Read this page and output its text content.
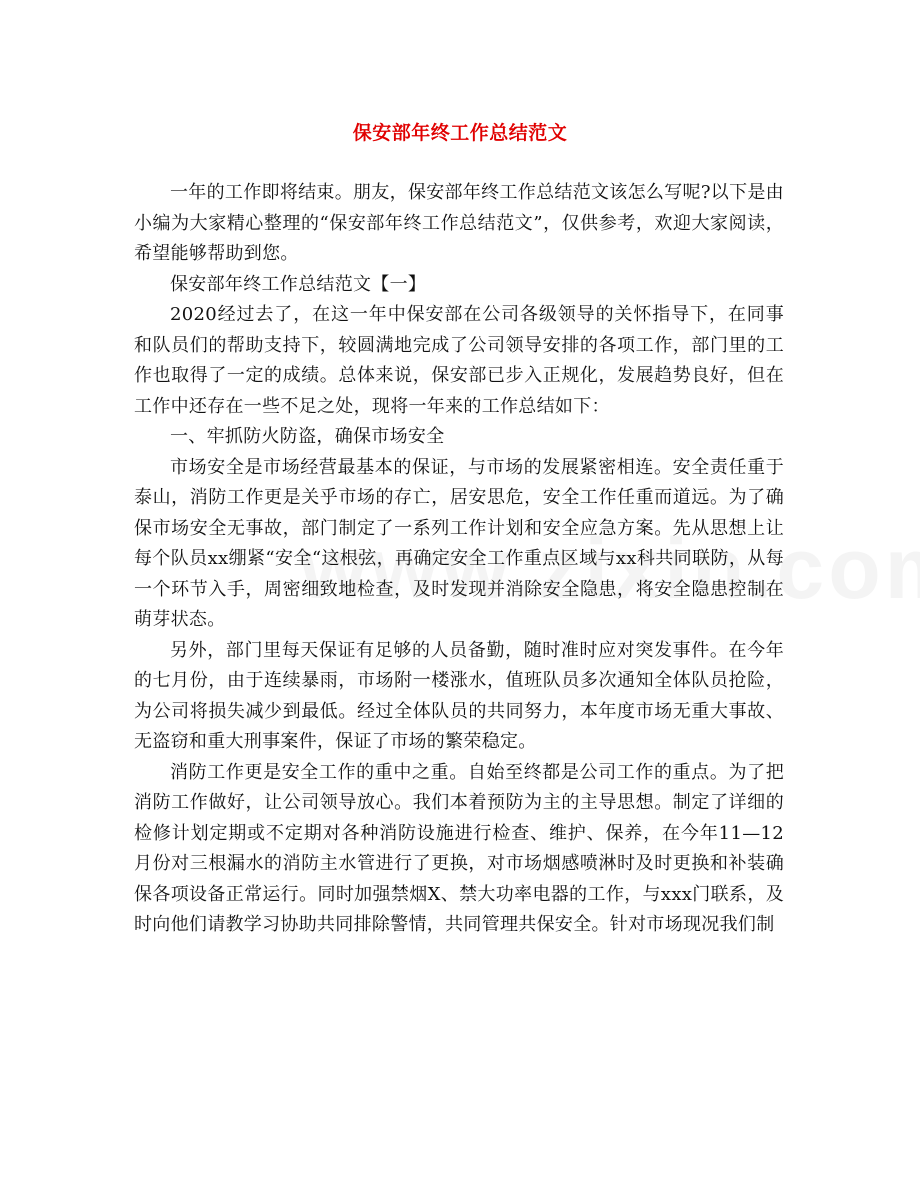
保安部年终工作总结范文

一年的工作即将结束。朋友，保安部年终工作总结范文该怎么写呢?以下是由小编为大家精心整理的“保安部年终工作总结范文”，仅供参考，欢迎大家阅读，希望能够帮助到您。

保安部年终工作总结范文【一】

2020经过去了，在这一年中保安部在公司各级领导的关怀指导下，在同事和队员们的帮助支持下，较圆满地完成了公司领导安排的各项工作，部门里的工作也取得了一定的成绩。总体来说，保安部已步入正规化，发展趋势良好，但在工作中还存在一些不足之处，现将一年来的工作总结如下：

一、牢抓防火防盗，确保市场安全

市场安全是市场经营最基本的保证，与市场的发展紧密相连。安全责任重于泰山，消防工作更是关乎市场的存亡，居安思危，安全工作任重而道远。为了确保市场安全无事故，部门制定了一系列工作计划和安全应急方案。先从思想上让每个队员xx绷紧“安全“这根弦，再确定安全工作重点区域与xx科共同联防，从每一个环节入手，周密细致地检查，及时发现并消除安全隐患，将安全隐患控制在萌芽状态。

另外，部门里每天保证有足够的人员备勤，随时准时应对突发事件。在今年的七月份，由于连续暴雨，市场附一楼涨水，值班队员多次通知全体队员抢险，为公司将损失减少到最低。经过全体队员的共同努力，本年度市场无重大事故、无盗窃和重大刑事案件，保证了市场的繁荣稳定。

消防工作更是安全工作的重中之重。自始至终都是公司工作的重点。为了把消防工作做好，让公司领导放心。我们本着预防为主的主导思想。制定了详细的检修计划定期或不定期对各种消防设施进行检查、维护、保养，在今年11—12月份对三根漏水的消防主水管进行了更换，对市场烟感喷淋时及时更换和补装确保各项设备正常运行。同时加强禁烟X、禁大功率电器的工作，与xxx门联系，及时向他们请教学习协助共同排除警情，共同管理共保安全。针对市场现况我们制
